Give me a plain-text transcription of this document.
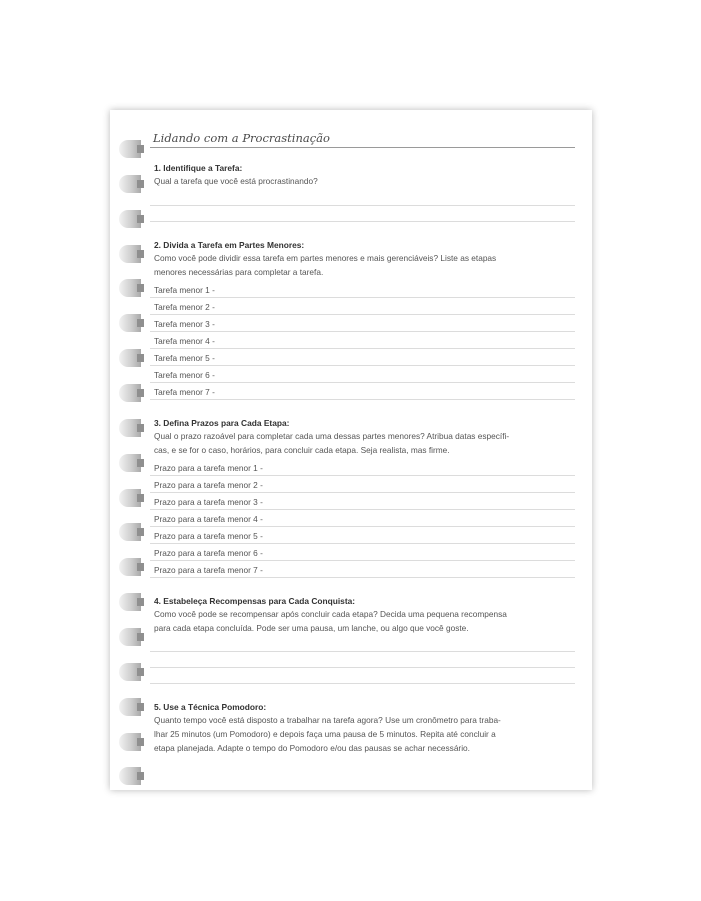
Lidando com a Procrastinação
1. Identifique a Tarefa:
Qual a tarefa que você está procrastinando?
2. Divida a Tarefa em Partes Menores:
Como você pode dividir essa tarefa em partes menores e mais gerenciáveis? Liste as etapas
menores necessárias para completar a tarefa.
Tarefa menor 1 -
Tarefa menor 2 -
Tarefa menor 3 -
Tarefa menor 4 -
Tarefa menor 5 -
Tarefa menor 6 -
Tarefa menor 7 -
3. Defina Prazos para Cada Etapa:
Qual o prazo razoável para completar cada uma dessas partes menores? Atribua datas específi-
cas, e se for o caso, horários, para concluir cada etapa. Seja realista, mas firme.
Prazo para a tarefa menor 1 -
Prazo para a tarefa menor 2 -
Prazo para a tarefa menor 3 -
Prazo para a tarefa menor 4 -
Prazo para a tarefa menor 5 -
Prazo para a tarefa menor 6 -
Prazo para a tarefa menor 7 -
4. Estabeleça Recompensas para Cada Conquista:
Como você pode se recompensar após concluir cada etapa? Decida uma pequena recompensa
para cada etapa concluída. Pode ser uma pausa, um lanche, ou algo que você goste.
5. Use a Técnica Pomodoro:
Quanto tempo você está disposto a trabalhar na tarefa agora? Use um cronômetro para traba-
lhar 25 minutos (um Pomodoro) e depois faça uma pausa de 5 minutos. Repita até concluir a
etapa planejada. Adapte o tempo do Pomodoro e/ou das pausas se achar necessário.
